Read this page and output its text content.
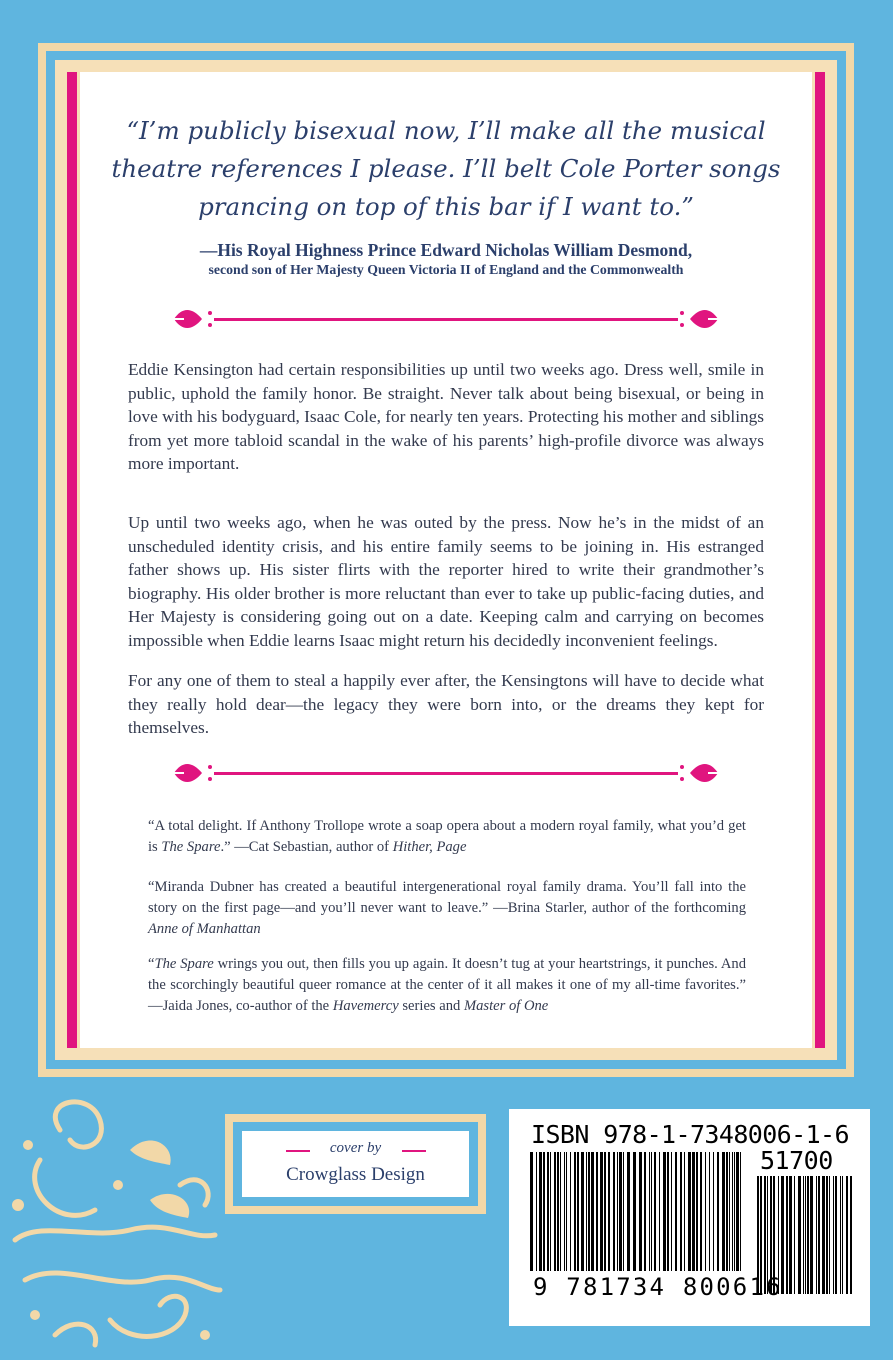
“I’m publicly bisexual now, I’ll make all the musical
theatre references I please. I’ll belt Cole Porter songs
prancing on top of this bar if I want to.”
—His Royal Highness Prince Edward Nicholas William Desmond,
second son of Her Majesty Queen Victoria II of England and the Commonwealth

Eddie Kensington had certain responsibilities up until two weeks ago. Dress well, smile in public, uphold the family honor. Be straight. Never talk about being bisexual, or being in love with his bodyguard, Isaac Cole, for nearly ten years. Protecting his mother and siblings from yet more tabloid scandal in the wake of his parents’ high-profile divorce was always more important.

Up until two weeks ago, when he was outed by the press. Now he’s in the midst of an unscheduled identity crisis, and his entire family seems to be joining in. His estranged father shows up. His sister flirts with the reporter hired to write their grandmother’s biography. His older brother is more reluctant than ever to take up public-facing duties, and Her Majesty is considering going out on a date. Keeping calm and carrying on becomes impossible when Eddie learns Isaac might return his decidedly inconvenient feelings.

For any one of them to steal a happily ever after, the Kensingtons will have to decide what they really hold dear—the legacy they were born into, or the dreams they kept for themselves.

“A total delight. If Anthony Trollope wrote a soap opera about a modern royal family, what you’d get is The Spare.” —Cat Sebastian, author of Hither, Page

“Miranda Dubner has created a beautiful intergenerational royal family drama. You’ll fall into the story on the first page—and you’ll never want to leave.” —Brina Starler, author of the forthcoming Anne of Manhattan

“The Spare wrings you out, then fills you up again. It doesn’t tug at your heartstrings, it punches. And the scorchingly beautiful queer romance at the center of it all makes it one of my all-time favorites.” —Jaida Jones, co-author of the Havemercy series and Master of One

cover by
Crowglass Design
ISBN 978-1-7348006-1-6
51700
9 781734 800616
